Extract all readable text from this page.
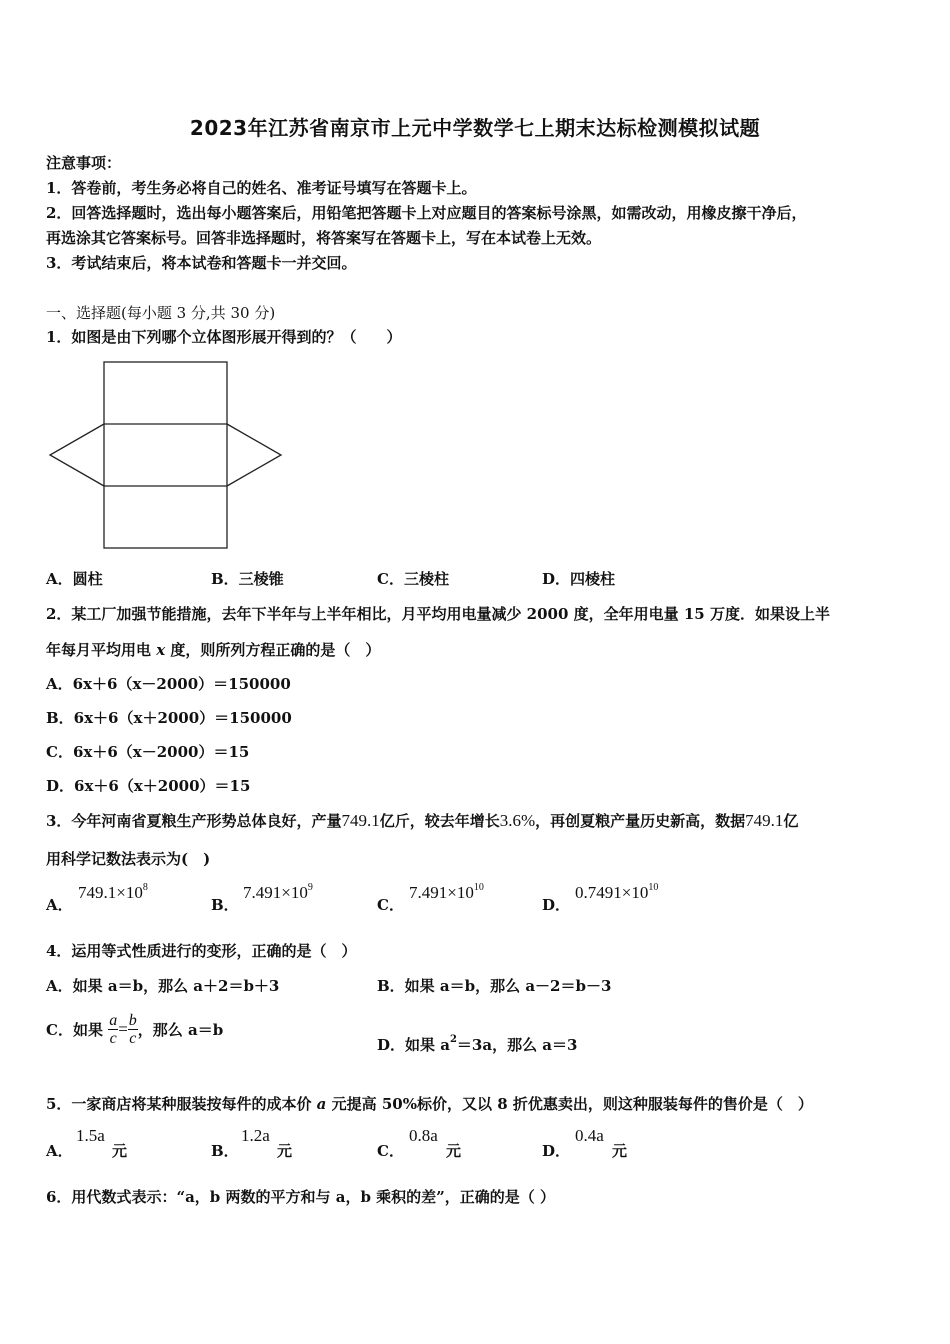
2023年江苏省南京市上元中学数学七上期末达标检测模拟试题
注意事项：
1．答卷前，考生务必将自己的姓名、准考证号填写在答题卡上。
2．回答选择题时，选出每小题答案后，用铅笔把答题卡上对应题目的答案标号涂黑，如需改动，用橡皮擦干净后，
再选涂其它答案标号。回答非选择题时，将答案写在答题卡上，写在本试卷上无效。
3．考试结束后，将本试卷和答题卡一并交回。
一、选择题(每小题 3 分,共 30 分)
1．如图是由下列哪个立体图形展开得到的？（　　）
A．圆柱	B．三棱锥	C．三棱柱	D．四棱柱
2．某工厂加强节能措施，去年下半年与上半年相比，月平均用电量减少 2000 度，全年用电量 15 万度．如果设上半
年每月平均用电 x 度，则所列方程正确的是（　）
A．6x＋6（x－2000）＝150000
B．6x＋6（x＋2000）＝150000
C．6x＋6（x－2000）＝15
D．6x＋6（x＋2000）＝15
3．今年河南省夏粮生产形势总体良好，产量749.1亿斤，较去年增长3.6%，再创夏粮产量历史新高，数据749.1亿
用科学记数法表示为(　)
A．
$749.1\times 10^8$
B．
$7.491\times 10^9$
C．
$7.491\times 10^{10}$
D．
$0.7491\times 10^{10}$
4．运用等式性质进行的变形，正确的是（　）
A．如果 a＝b，那么 a＋2＝b＋3	B．如果 a＝b，那么 a－2＝b－3
C．如果 $\frac{a}{c} = \frac{b}{c}$ ，那么 a＝b
D．如果 $a^2=3a$，那么 a＝3
5．一家商店将某种服装按每件的成本价 a 元提高 50%标价，又以 8 折优惠卖出，则这种服装每件的售价是（　）
A．
1.5a
元	B．
1.2a
元	C．
0.8a
元	D．
0.4a
元
6．用代数式表示：“a，b 两数的平方和与 a，b 乘积的差”，正确的是（ ）
